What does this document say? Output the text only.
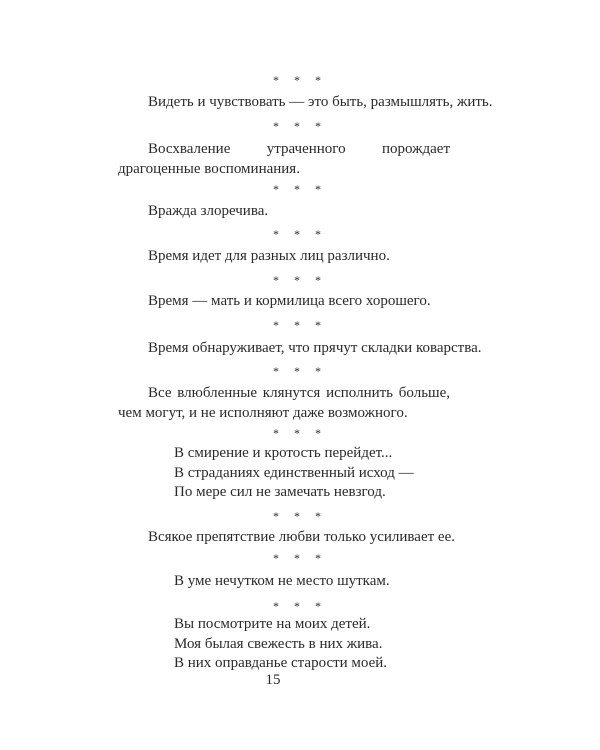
* * *
Видеть и чувствовать — это быть, размышлять, жить.
* * *
Восхваление утраченного порождает драгоценные воспоминания.
* * *
Вражда злоречива.
* * *
Время идет для разных лиц различно.
* * *
Время — мать и кормилица всего хорошего.
* * *
Время обнаруживает, что прячут складки коварства.
* * *
Все влюбленные клянутся исполнить больше, чем могут, и не исполняют даже возможного.
* * *
В смирение и кротость перейдет...
В страданиях единственный исход —
По мере сил не замечать невзгод.
* * *
Всякое препятствие любви только усиливает ее.
* * *
В уме нечутком не место шуткам.
* * *
Вы посмотрите на моих детей.
Моя былая свежесть в них жива.
В них оправданье старости моей.
15
